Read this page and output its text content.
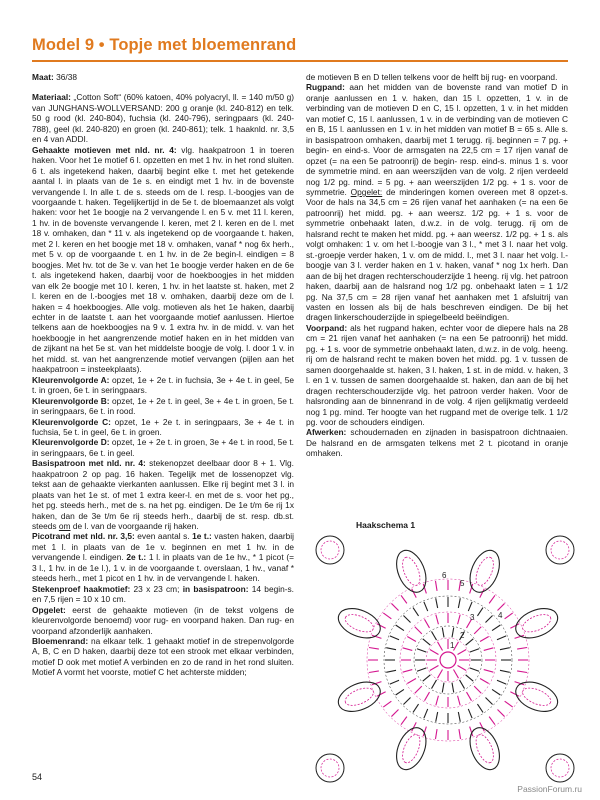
Model 9 • Topje met bloemenrand

Maat: 36/38

Materiaal: „Cotton Soft“ (60% katoen, 40% polyacryl, ll. = 140 m/50 g) van JUNGHANS-WOLLVERSAND: 200 g oranje (kl. 240-812) en telk. 50 g rood (kl. 240-804), fuchsia (kl. 240-796), seringpaars (kl. 240-788), geel (kl. 240-820) en groen (kl. 240-861); telk. 1 haaknld. nr. 3,5 en 4 van ADDI.

Gehaakte motieven met nld. nr. 4: vlg. haakpatroon 1 in toeren haken. Voor het 1e motief 6 l. opzetten en met 1 hv. in het rond sluiten. 6 t. als ingetekend haken, daarbij begint elke t. met het getekende aantal l. in plaats van de 1e s. en eindigt met 1 hv. in de bovenste vervangende l. In alle t. de s. steeds om de l. resp. l.-boogjes van de voorgaande t. haken. Tegelijkertijd in de 5e t. de bloemaanzet als volgt haken: voor het 1e boogje na 2 vervangende l. en 5 v. met 11 l. keren, 1 hv. in de bovenste vervangende l. keren, met 2 l. keren en de l. met 18 v. omhaken, dan * 11 v. als ingetekend op de voorgaande t. haken, met 2 l. keren en het boogje met 18 v. omhaken, vanaf * nog 6x herh., met 5 v. op de voorgaande t. en 1 hv. in de 2e begin-l. eindigen = 8 boogjes. Met hv. tot de 3e v. van het 1e boogje verder haken en de 6e t. als ingetekend haken, daarbij voor de hoekboogjes in het midden van elk 2e boogje met 10 l. keren, 1 hv. in het laatste st. haken, met 2 l. keren en de l.-boogjes met 18 v. omhaken, daarbij deze om de l. haken = 4 hoekboogjes. Alle volg. motieven als het 1e haken, daarbij echter in de laatste t. aan het voorgaande motief aanlussen. Hiertoe telkens aan de hoekboogjes na 9 v. 1 extra hv. in de midd. v. van het hoekboogje in het aangrenzende motief haken en in het midden van de zijkant na het 5e st. van het middelste boogje de volg. l. door 1 v. in het midd. st. van het aangrenzende motief vervangen (pijlen aan het haakpatroon = insteekplaats).

Kleurenvolgorde A: opzet, 1e + 2e t. in fuchsia, 3e + 4e t. in geel, 5e t. in groen, 6e t. in seringpaars.

Kleurenvolgorde B: opzet, 1e + 2e t. in geel, 3e + 4e t. in groen, 5e t. in seringpaars, 6e t. in rood.

Kleurenvolgorde C: opzet, 1e + 2e t. in seringpaars, 3e + 4e t. in fuchsia, 5e t. in geel, 6e t. in groen.

Kleurenvolgorde D: opzet, 1e + 2e t. in groen, 3e + 4e t. in rood, 5e t. in seringpaars, 6e t. in geel.

Basispatroon met nld. nr. 4: stekenopzet deelbaar door 8 + 1. Vlg. haakpatroon 2 op pag. 16 haken. Tegelijk met de lossenopzet vlg. tekst aan de gehaakte vierkanten aanlussen. Elke rij begint met 3 l. in plaats van het 1e st. of met 1 extra keer-l. en met de s. voor het pg., het pg. steeds herh., met de s. na het pg. eindigen. De 1e t/m 6e rij 1x haken, dan de 3e t/m 6e rij steeds herh., daarbij de st. resp. db.st. steeds om de l. van de voorgaande rij haken.

Picotrand met nld. nr. 3,5: even aantal s. 1e t.: vasten haken, daarbij met 1 l. in plaats van de 1e v. beginnen en met 1 hv. in de vervangende l. eindigen. 2e t.: 1 l. in plaats van de 1e hv., * 1 picot (= 3 l., 1 hv. in de 1e l.), 1 v. in de voorgaande t. overslaan, 1 hv., vanaf * steeds herh., met 1 picot en 1 hv. in de vervangende l. haken.

Stekenproef haakmotief: 23 x 23 cm; in basispatroon: 14 begin-s. en 7,5 rijen = 10 x 10 cm.

Opgelet: eerst de gehaakte motieven (in de tekst volgens de kleurenvolgorde benoemd) voor rug- en voorpand haken. Dan rug- en voorpand afzonderlijk aanhaken.

Bloemenrand: na elkaar telk. 1 gehaakt motief in de strepenvolgorde A, B, C en D haken, daarbij deze tot een strook met elkaar verbinden, motief D ook met motief A verbinden en zo de rand in het rond sluiten. Motief A vormt het voorste, motief C het achterste midden;

de motieven B en D tellen telkens voor de helft bij rug- en voorpand.

Rugpand: aan het midden van de bovenste rand van motief D in oranje aanlussen en 1 v. haken, dan 15 l. opzetten, 1 v. in de verbinding van de motieven D en C, 15 l. opzetten, 1 v. in het midden van motief C, 15 l. aanlussen, 1 v. in de verbinding van de motieven C en B, 15 l. aanlussen en 1 v. in het midden van motief B = 65 s. Alle s. in basispatroon omhaken, daarbij met 1 terugg. rij. beginnen = 7 pg. + begin- en eind-s. Voor de armsgaten na 22,5 cm = 17 rijen vanaf de opzet (= na een 5e patroonrij) de begin- resp. eind-s. minus 1 s. voor de symmetrie mind. en aan weerszijden van de volg. 2 rijen verdeeld nog 1/2 pg. mind. = 5 pg. + aan weerszijden 1/2 pg. + 1 s. voor de symmetrie. Opgelet: de minderingen komen overeen met 8 opzet-s. Voor de hals na 34,5 cm = 26 rijen vanaf het aanhaken (= na een 6e patroonrij) het midd. pg. + aan weersz. 1/2 pg. + 1 s. voor de symmetrie onbehaakt laten, d.w.z. in de volg. terugg. rij om de halsrand recht te maken het midd. pg. + aan weersz. 1/2 pg. + 1 s. als volgt omhaken: 1 v. om het l.-boogje van 3 l., * met 3 l. naar het volg. st.-groepje verder haken, 1 v. om de midd. l., met 3 l. naar het volg. l.-boogje van 3 l. verder haken en 1 v. haken, vanaf * nog 1x herh. Dan aan de bij het dragen rechterschouderzijde 1 heeng. rij vlg. het patroon haken, daarbij aan de halsrand nog 1/2 pg. onbehaakt laten = 1 1/2 pg. Na 37,5 cm = 28 rijen vanaf het aanhaken met 1 afsluitrij van vasten en lossen als bij de hals beschreven eindigen. De bij het dragen linkerschouderzijde in spiegelbeeld beëindigen.

Voorpand: als het rugpand haken, echter voor de diepere hals na 28 cm = 21 rijen vanaf het aanhaken (= na een 5e patroonrij) het midd. pg. + 1 s. voor de symmetrie onbehaakt laten, d.w.z. in de volg. heeng. rij om de halsrand recht te maken boven het midd. pg. 1 v. tussen de samen doorgehaalde st. haken, 3 l. haken, 1 st. in de midd. v. haken, 3 l. en 1 v. tussen de samen doorgehaalde st. haken, dan aan de bij het dragen rechterschouderzijde vlg. het patroon verder haken. Voor de halsronding aan de binnenrand in de volg. 4 rijen gelijkmatig verdeeld nog 1 pg. mind. Ter hoogte van het rugpand met de overige telk. 1 1/2 pg. voor de schouders eindigen.

Afwerken: schoudernaden en zijnaden in basispatroon dichtnaaien. De halsrand en de armsgaten telkens met 2 t. picotand in oranje omhaken.

Haakschema 1
5
6
4
3
2
1
54
PassionForum.ru
